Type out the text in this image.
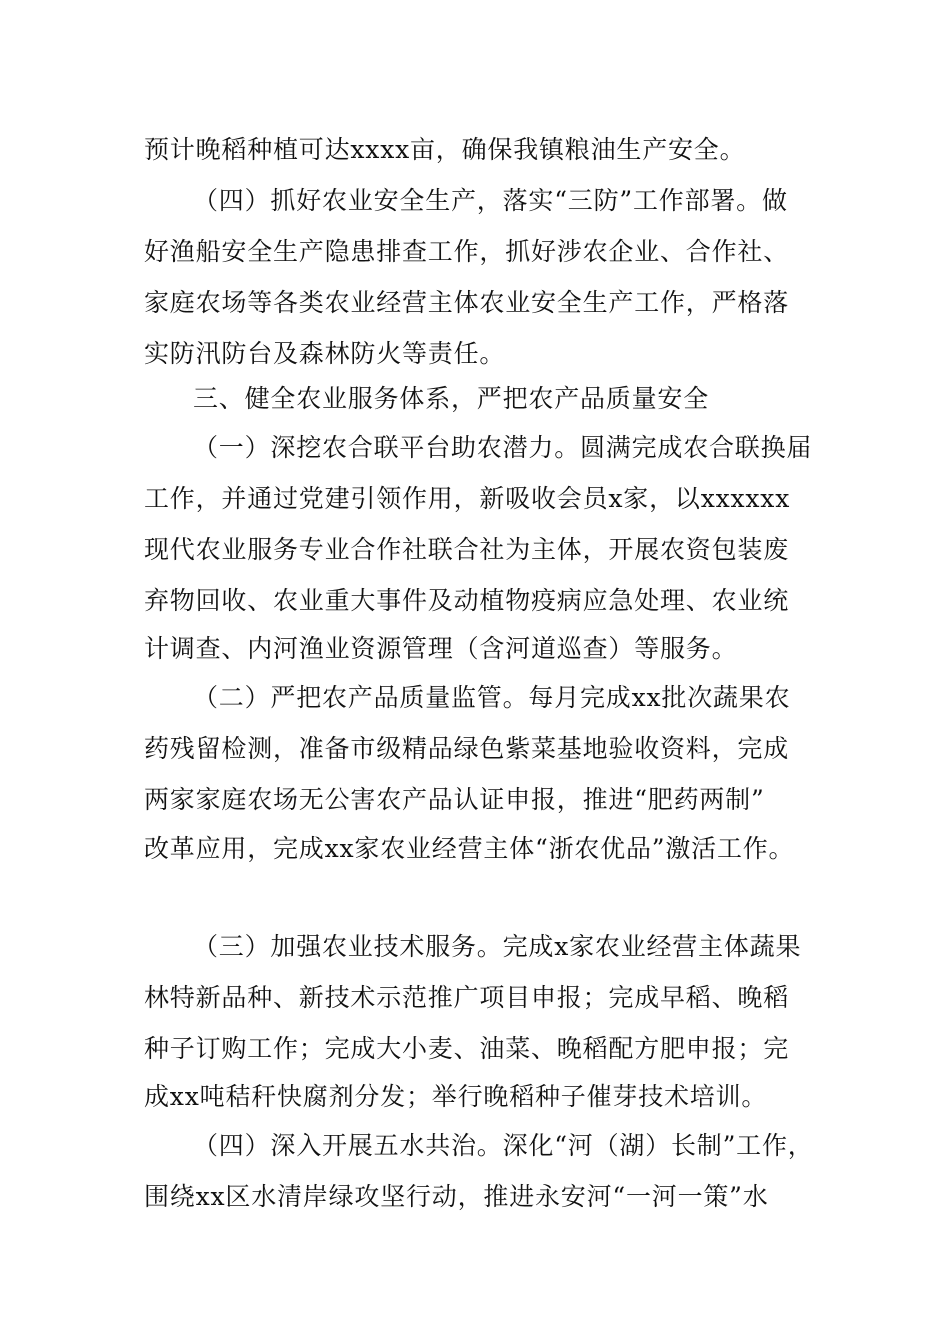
预计晚稻种植可达xxxx亩，确保我镇粮油生产安全。

（四）抓好农业安全生产，落实“三防”工作部署。做

好渔船安全生产隐患排查工作，抓好涉农企业、合作社、

家庭农场等各类农业经营主体农业安全生产工作，严格落

实防汛防台及森林防火等责任。

三、健全农业服务体系，严把农产品质量安全

（一）深挖农合联平台助农潜力。圆满完成农合联换届

工作，并通过党建引领作用，新吸收会员x家，以xxxxxx

现代农业服务专业合作社联合社为主体，开展农资包装废

弃物回收、农业重大事件及动植物疫病应急处理、农业统

计调查、内河渔业资源管理（含河道巡查）等服务。

（二）严把农产品质量监管。每月完成xx批次蔬果农

药残留检测，准备市级精品绿色紫菜基地验收资料，完成

两家家庭农场无公害农产品认证申报，推进“肥药两制”

改革应用，完成xx家农业经营主体“浙农优品”激活工作。

（三）加强农业技术服务。完成x家农业经营主体蔬果

林特新品种、新技术示范推广项目申报；完成早稻、晚稻

种子订购工作；完成大小麦、油菜、晚稻配方肥申报；完

成xx吨秸秆快腐剂分发；举行晚稻种子催芽技术培训。

（四）深入开展五水共治。深化“河（湖）长制”工作，

围绕xx区水清岸绿攻坚行动，推进永安河“一河一策”水
